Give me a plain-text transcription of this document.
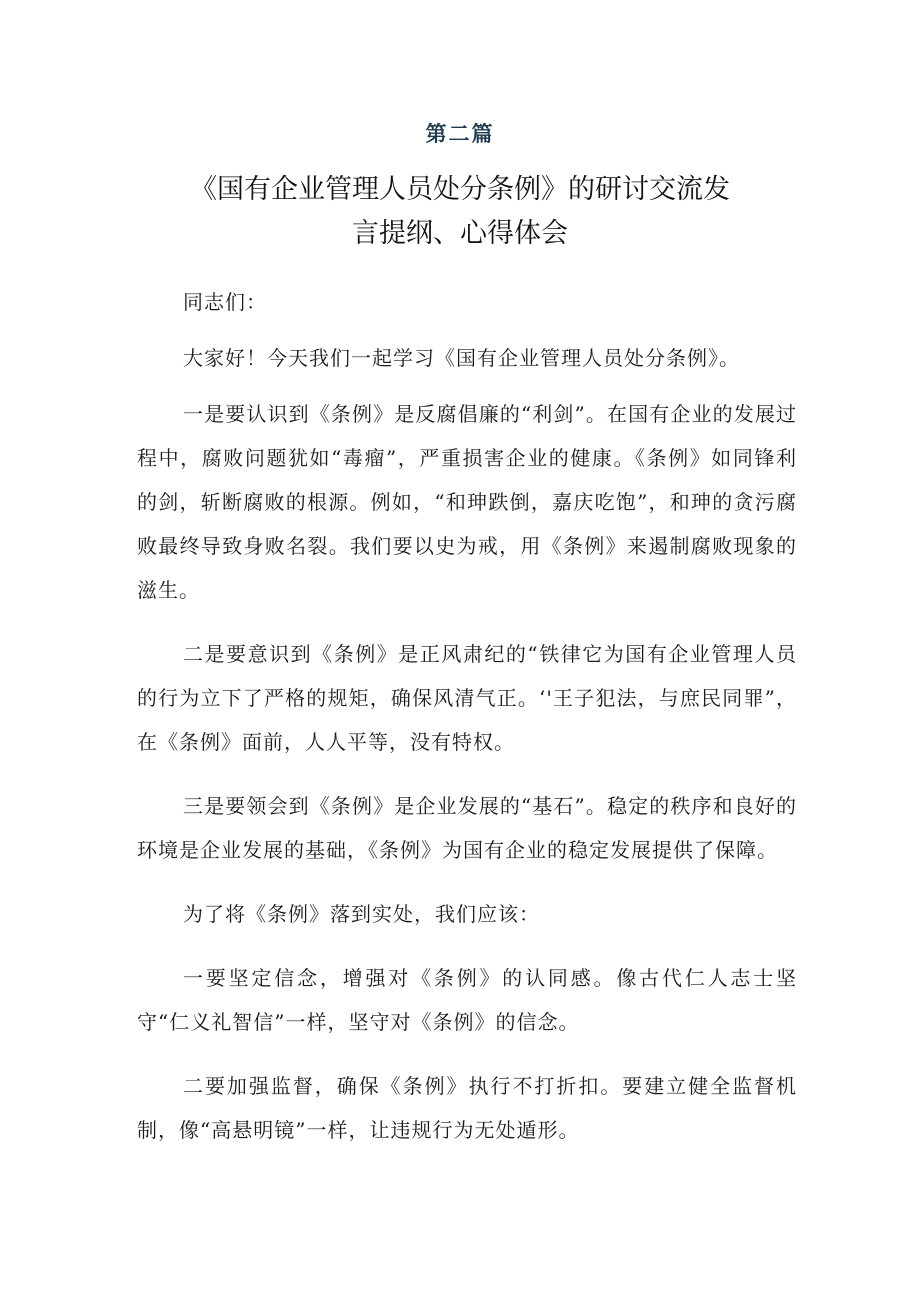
第二篇
《国有企业管理人员处分条例》的研讨交流发
言提纲、心得体会

同志们：

大家好！今天我们一起学习《国有企业管理人员处分条例》。

一是要认识到《条例》是反腐倡廉的“利剑”。在国有企业的发展过程中，腐败问题犹如“毒瘤”，严重损害企业的健康。《条例》如同锋利的剑，斩断腐败的根源。例如，“和珅跌倒，嘉庆吃饱”，和珅的贪污腐败最终导致身败名裂。我们要以史为戒，用《条例》来遏制腐败现象的滋生。

二是要意识到《条例》是正风肃纪的“铁律它为国有企业管理人员的行为立下了严格的规矩，确保风清气正。‘'王子犯法，与庶民同罪”，在《条例》面前，人人平等，没有特权。

三是要领会到《条例》是企业发展的“基石”。稳定的秩序和良好的环境是企业发展的基础，《条例》为国有企业的稳定发展提供了保障。

为了将《条例》落到实处，我们应该：

一要坚定信念，增强对《条例》的认同感。像古代仁人志士坚守“仁义礼智信”一样，坚守对《条例》的信念。

二要加强监督，确保《条例》执行不打折扣。要建立健全监督机制，像“高悬明镜”一样，让违规行为无处遁形。
